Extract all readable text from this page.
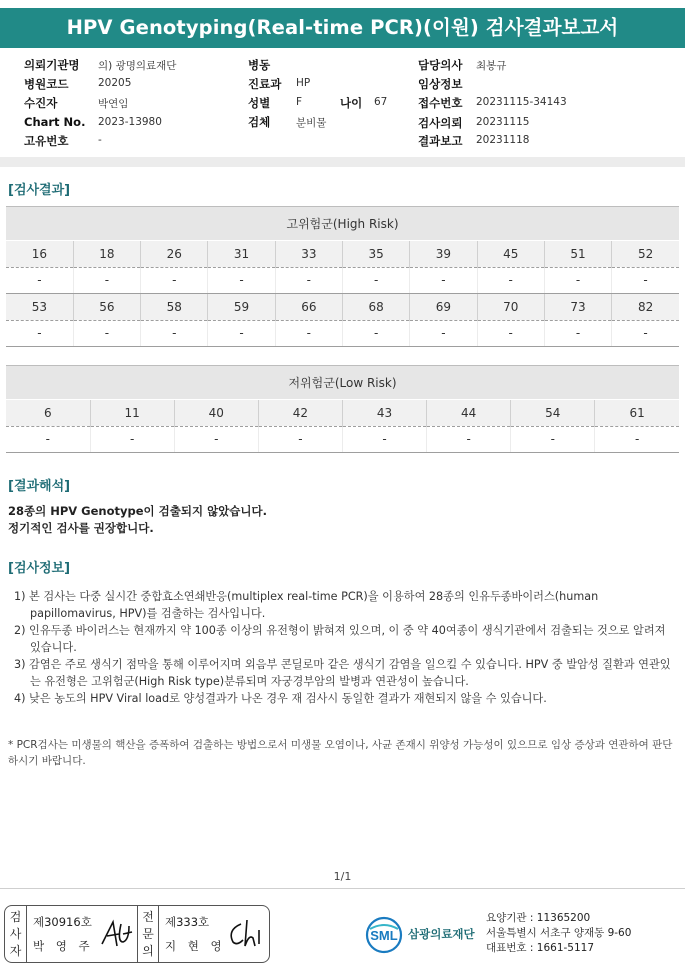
HPV Genotyping(Real-time PCR)(이원) 검사결과보고서
의뢰기관명 의) 광명의료재단
병원코드	20205
수진자	박연임
Chart No. 2023-13980
고유번호	-
병동
진료과 HP
성별 F	나이 67
검체 분비물
담당의사 최봉규
임상정보
접수번호 20231115-34143
검사의뢰 20231115
결과보고 20231118
[검사결과]
고위험군(High Risk)
16	18	26	31	33	35	39	45	51	52
-	-	-	-	-	-	-	-	-	-
53	56	58	59	66	68	69	70	73	82
-	-	-	-	-	-	-	-	-	-
저위험군(Low Risk)
6	11	40	42	43	44	54	61
-	-	-	-	-	-	-	-
[결과해석]
28종의 HPV Genotype이 검출되지 않았습니다.
정기적인 검사를 권장합니다.
[검사정보]
1) 본 검사는 다중 실시간 중합효소연쇄반응(multiplex real-time PCR)을 이용하여 28종의 인유두종바이러스(human papillomavirus, HPV)를 검출하는 검사입니다.
2) 인유두종 바이러스는 현재까지 약 100종 이상의 유전형이 밝혀져 있으며, 이 중 약 40여종이 생식기관에서 검출되는 것으로 알려져 있습니다.
3) 감염은 주로 생식기 점막을 통해 이루어지며 외음부 콘딜로마 같은 생식기 감염을 일으킬 수 있습니다. HPV 중 발암성 질환과 연관있는 유전형은 고위험군(High Risk type)분류되며 자궁경부암의 발병과 연관성이 높습니다.
4) 낮은 농도의 HPV Viral load로 양성결과가 나온 경우 재 검사시 동일한 결과가 재현되지 않을 수 있습니다.
* PCR검사는 미생물의 핵산을 증폭하여 검출하는 방법으로서 미생물 오염이나, 사균 존재시 위양성 가능성이 있으므로 임상 증상과 연관하여 판단하시기 바랍니다.
1/1
검
사
자
제30916호
박 영 주
전
문
의
제333호
지 현 영
SML 삼광의료재단
요양기관 : 11365200
서울특별시 서초구 양재동 9-60
대표번호 : 1661-5117
